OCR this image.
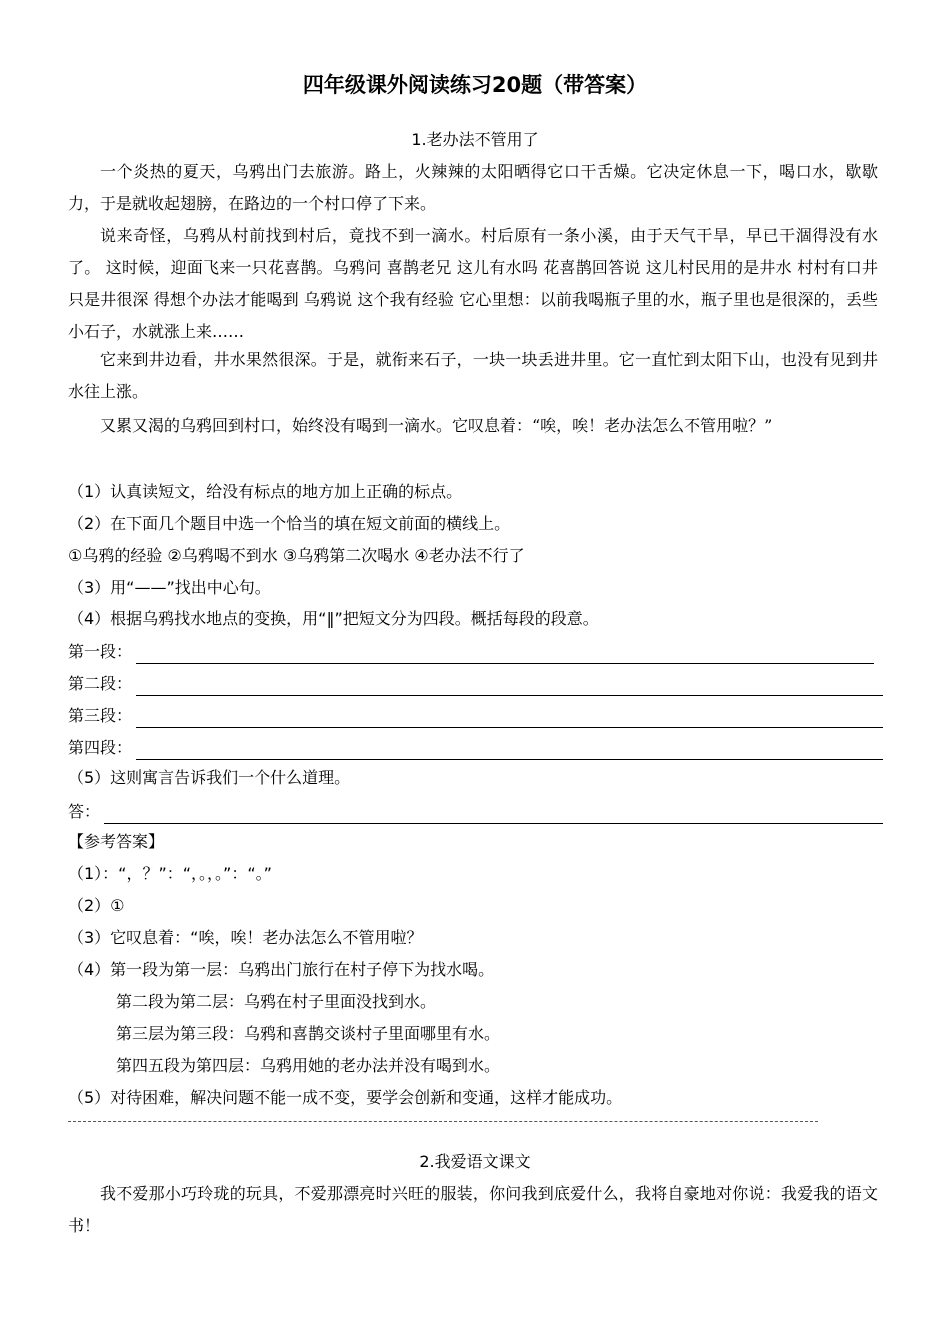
四年级课外阅读练习20题（带答案）
1.老办法不管用了

一个炎热的夏天，乌鸦出门去旅游。路上，火辣辣的太阳晒得它口干舌燥。它决定休息一下，喝口水，歇歇力，于是就收起翅膀，在路边的一个村口停了下来。

说来奇怪，乌鸦从村前找到村后，竟找不到一滴水。村后原有一条小溪，由于天气干旱，早已干涸得没有水了。 这时候，迎面飞来一只花喜鹊。乌鸦问 喜鹊老兄 这儿有水吗 花喜鹊回答说 这儿村民用的是井水 村村有口井 只是井很深 得想个办法才能喝到 乌鸦说 这个我有经验 它心里想：以前我喝瓶子里的水，瓶子里也是很深的，丢些小石子，水就涨上来……

它来到井边看，井水果然很深。于是，就衔来石子，一块一块丢进井里。它一直忙到太阳下山，也没有见到井水往上涨。

又累又渴的乌鸦回到村口，始终没有喝到一滴水。它叹息着：“唉，唉！老办法怎么不管用啦？”

（1）认真读短文，给没有标点的地方加上正确的标点。
（2）在下面几个题目中选一个恰当的填在短文前面的横线上。
①乌鸦的经验 ②乌鸦喝不到水 ③乌鸦第二次喝水 ④老办法不行了
（3）用“——”找出中心句。
（4）根据乌鸦找水地点的变换，用“‖”把短文分为四段。概括每段的段意。
第一段：
第二段：
第三段：
第四段：
（5）这则寓言告诉我们一个什么道理。
答：
【参考答案】
（1）：“，？”：“，。，。”：“。”
（2）①
（3）它叹息着：“唉，唉！老办法怎么不管用啦？
（4）第一段为第一层：乌鸦出门旅行在村子停下为找水喝。
第二段为第二层：乌鸦在村子里面没找到水。
第三层为第三段：乌鸦和喜鹊交谈村子里面哪里有水。
第四五段为第四层：乌鸦用她的老办法并没有喝到水。
（5）对待困难，解决问题不能一成不变，要学会创新和变通，这样才能成功。
2.我爱语文课文

我不爱那小巧玲珑的玩具，不爱那漂亮时兴旺的服装，你问我到底爱什么，我将自豪地对你说：我爱我的语文书！
